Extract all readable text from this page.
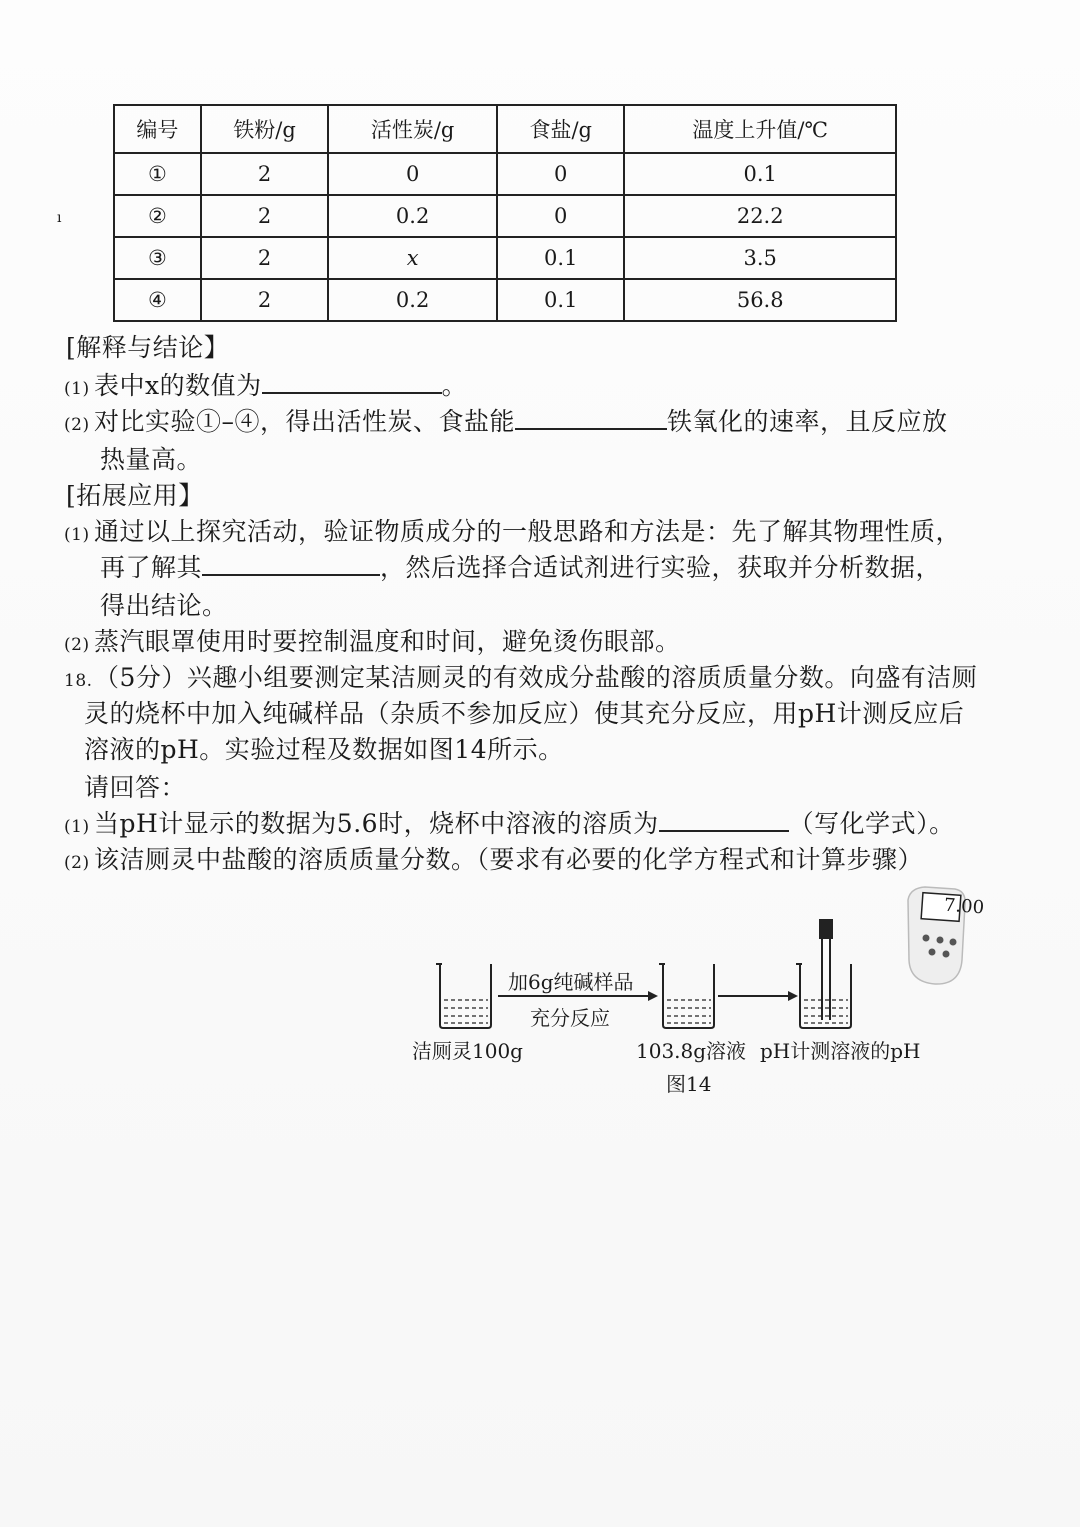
编号	铁粉/g	活性炭/g	食盐/g	温度上升值/℃
①	2	0	0	0.1
②	2	0.2	0	22.2
③	2	x	0.1	3.5
④	2	0.2	0.1	56.8
ı
[解释与结论】
(1) 表中x的数值为	。
(2) 对比实验①–④，得出活性炭、食盐能	铁氧化的速率，且反应放
热量高。
[拓展应用】
(1) 通过以上探究活动，验证物质成分的一般思路和方法是：先了解其物理性质，
再了解其	，然后选择合适试剂进行实验，获取并分析数据，
得出结论。
(2) 蒸汽眼罩使用时要控制温度和时间，避免烫伤眼部。
18.（5分）兴趣小组要测定某洁厕灵的有效成分盐酸的溶质质量分数。向盛有洁厕
灵的烧杯中加入纯碱样品（杂质不参加反应）使其充分反应，用pH计测反应后
溶液的pH。实验过程及数据如图14所示。
请回答：
(1) 当pH计显示的数据为5.6时，烧杯中溶液的溶质为	（写化学式）。
(2) 该洁厕灵中盐酸的溶质质量分数。（要求有必要的化学方程式和计算步骤）
7.00
加6g纯碱样品
充分反应
洁厕灵100g	103.8g溶液 pH计测溶液的pH
图14
